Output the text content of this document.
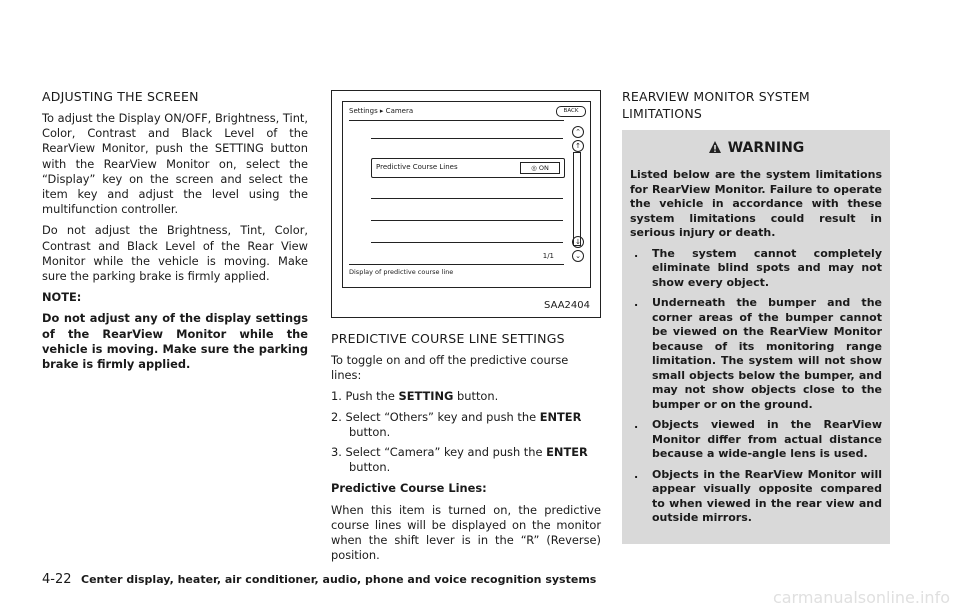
ADJUSTING THE SCREEN

To adjust the Display ON/OFF, Brightness, Tint, Color, Contrast and Black Level of the RearView Monitor, push the SETTING button with the RearView Monitor on, select the “Display” key on the screen and select the item key and adjust the level using the multifunction controller.

Do not adjust the Brightness, Tint, Color, Contrast and Black Level of the Rear View Monitor while the vehicle is moving. Make sure the parking brake is firmly applied.

NOTE:

Do not adjust any of the display settings of the RearView Monitor while the vehicle is moving. Make sure the parking brake is firmly applied.

Settings ▸ Camera	BACK
Predictive Course Lines	◎ ON
⌃
↑
↓
⌄
1/1
Display of predictive course line
SAA2404
PREDICTIVE COURSE LINE SETTINGS

To toggle on and off the predictive course lines:

1. Push the SETTING button.
2. Select “Others” key and push the ENTER button.
3. Select “Camera” key and push the ENTER button.

Predictive Course Lines:

When this item is turned on, the predictive course lines will be displayed on the monitor when the shift lever is in the “R” (Reverse) position.

REARVIEW MONITOR SYSTEM LIMITATIONS
WARNING

Listed below are the system limitations for RearView Monitor. Failure to operate the vehicle in accordance with these system limitations could result in serious injury or death.

. The system cannot completely eliminate blind spots and may not show every object.
. Underneath the bumper and the corner areas of the bumper cannot be viewed on the RearView Monitor because of its monitoring range limitation. The system will not show small objects below the bumper, and may not show objects close to the bumper or on the ground.
. Objects viewed in the RearView Monitor differ from actual distance because a wide-angle lens is used.
. Objects in the RearView Monitor will appear visually opposite compared to when viewed in the rear view and outside mirrors.
4-22 Center display, heater, air conditioner, audio, phone and voice recognition systems
carmanualsonline.info
